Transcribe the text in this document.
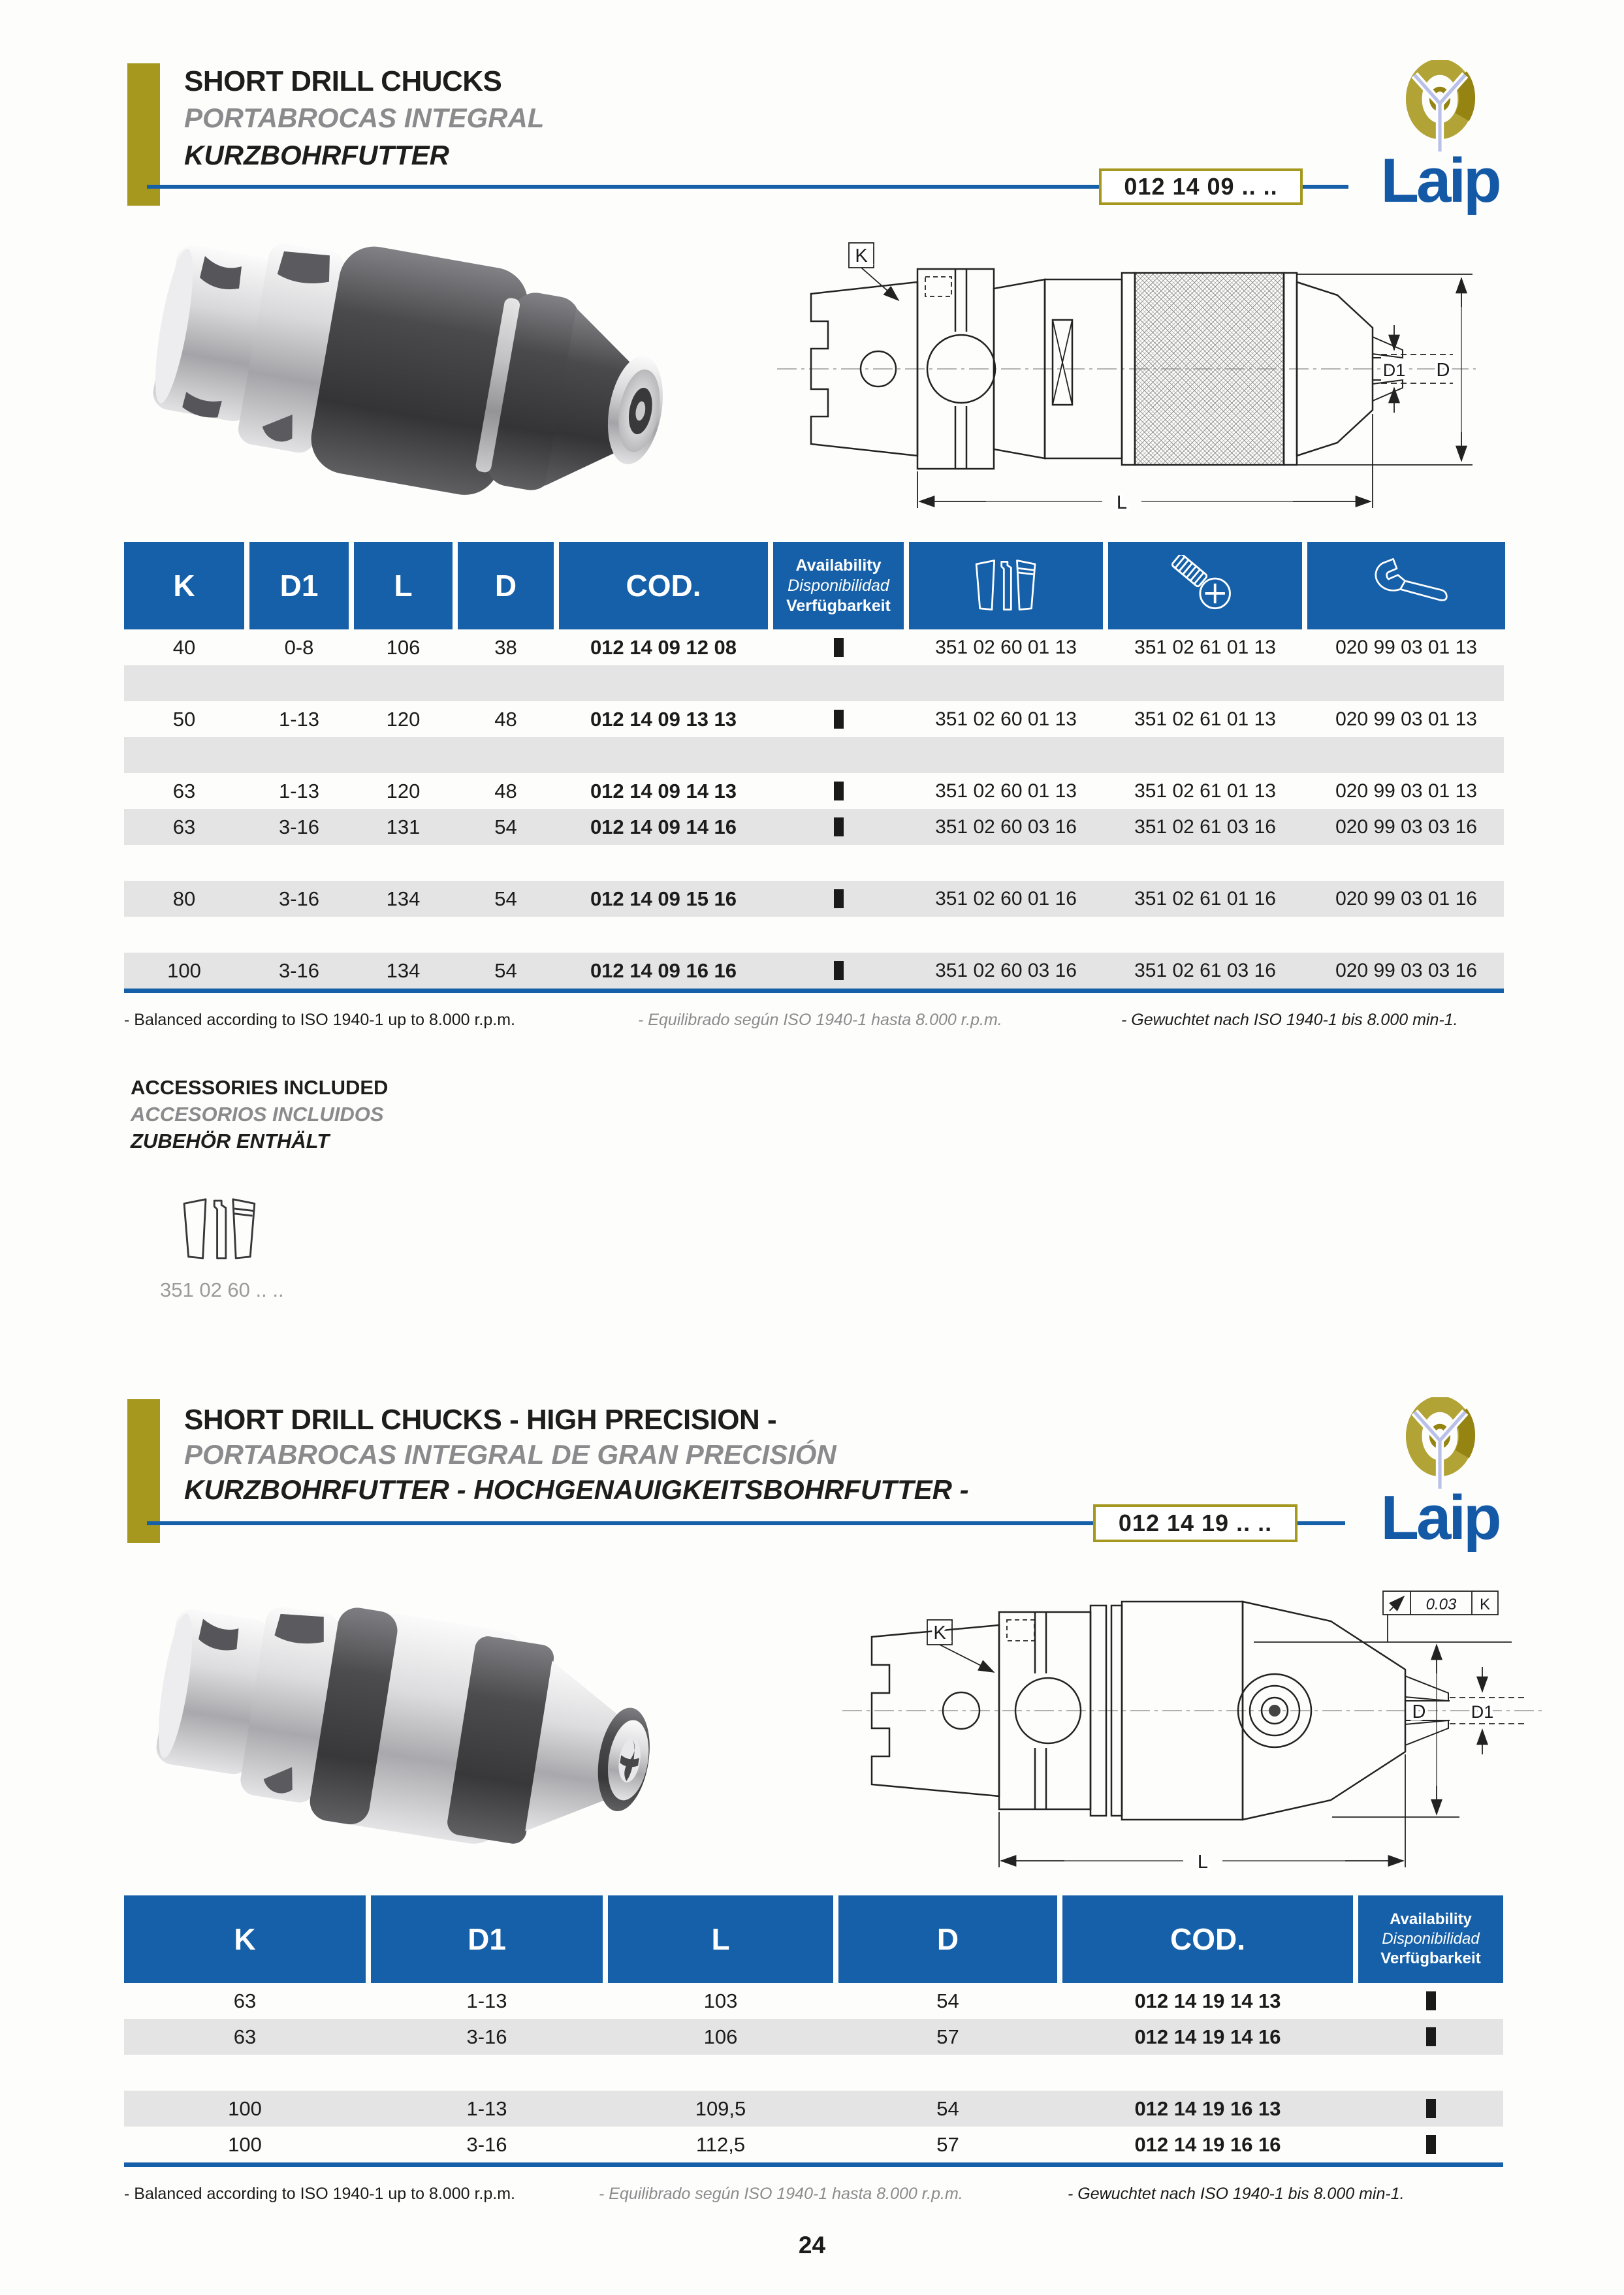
SHORT DRILL CHUCKS
PORTABROCAS INTEGRAL
KURZBOHRFUTTER
012 14 09 .. ..	Laip
K
D1 D
L
K	D1	L	D	COD.
Availability
Disponibilidad
Verfügbarkeit
40	0-8	106	38	012 14 09 12 08	351 02 60 01 13	351 02 61 01 13	020 99 03 01 13
50	1-13	120	48	012 14 09 13 13	351 02 60 01 13	351 02 61 01 13	020 99 03 01 13
63	1-13	120	48	012 14 09 14 13	351 02 60 01 13	351 02 61 01 13	020 99 03 01 13
63	3-16	131	54	012 14 09 14 16	351 02 60 03 16	351 02 61 03 16	020 99 03 03 16
80	3-16	134	54	012 14 09 15 16	351 02 60 01 16	351 02 61 01 16	020 99 03 01 16
100	3-16	134	54	012 14 09 16 16	351 02 60 03 16	351 02 61 03 16	020 99 03 03 16
- Balanced according to ISO 1940-1 up to 8.000 r.p.m.	- Equilibrado según ISO 1940-1 hasta 8.000 r.p.m.	- Gewuchtet nach ISO 1940-1 bis 8.000 min-1.
ACCESSORIES INCLUDED
ACCESORIOS INCLUIDOS
ZUBEHÖR ENTHÄLT
351 02 60 .. ..
SHORT DRILL CHUCKS - HIGH PRECISION -
PORTABROCAS INTEGRAL DE GRAN PRECISIÓN
KURZBOHRFUTTER - HOCHGENAUIGKEITSBOHRFUTTER -
012 14 19 .. ..	Laip
K
0.03 K
D1
D
L
K	D1	L	D	COD.
Availability
Disponibilidad
Verfügbarkeit
63	1-13	103	54	012 14 19 14 13
63	3-16	106	57	012 14 19 14 16
100	1-13	109,5	54	012 14 19 16 13
100	3-16	112,5	57	012 14 19 16 16
- Balanced according to ISO 1940-1 up to 8.000 r.p.m.	- Equilibrado según ISO 1940-1 hasta 8.000 r.p.m.	- Gewuchtet nach ISO 1940-1 bis 8.000 min-1.
24
